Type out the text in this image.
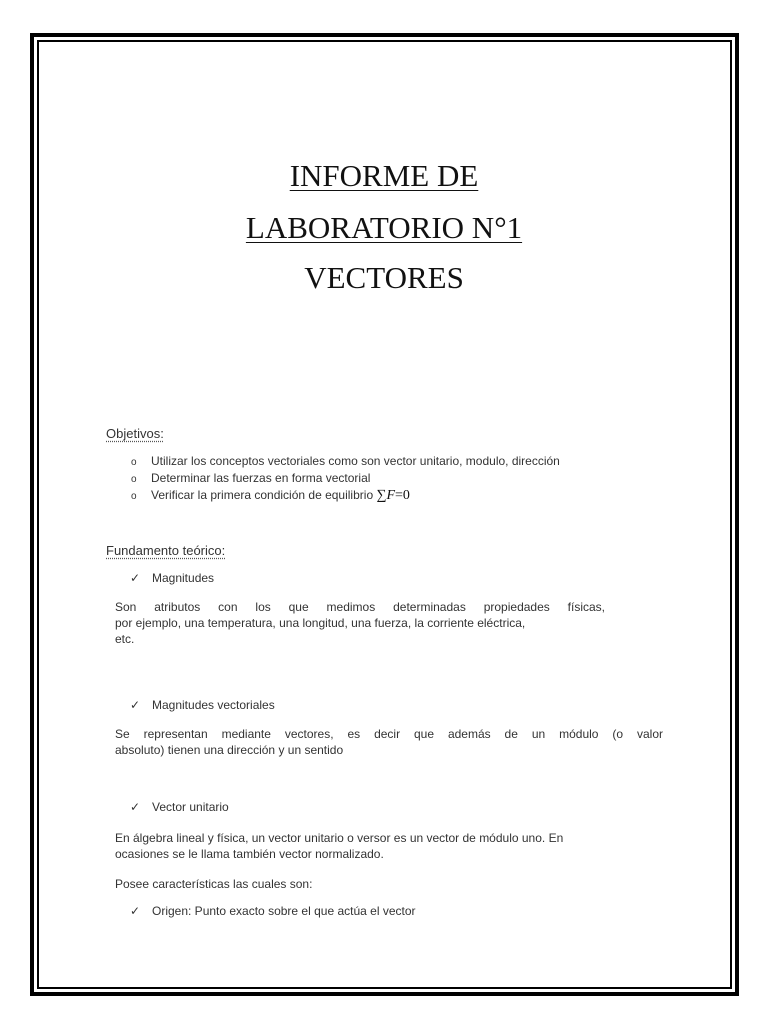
INFORME DE
LABORATORIO N°1
VECTORES
Objetivos:
o Utilizar los conceptos vectoriales como son vector unitario, modulo, dirección
o Determinar las fuerzas en forma vectorial
o Verificar la primera condición de equilibrio ∑F=0
Fundamento teórico:
✓ Magnitudes
Son atributos con los que medimos determinadas propiedades físicas,
por ejemplo, una temperatura, una longitud, una fuerza, la corriente eléctrica,
etc.
✓ Magnitudes vectoriales
Se representan mediante vectores, es decir que además de un módulo (o valor
absoluto) tienen una dirección y un sentido
✓ Vector unitario
En álgebra lineal y física, un vector unitario o versor es un vector de módulo uno. En
ocasiones se le llama también vector normalizado.
Posee características las cuales son:
✓ Origen: Punto exacto sobre el que actúa el vector
